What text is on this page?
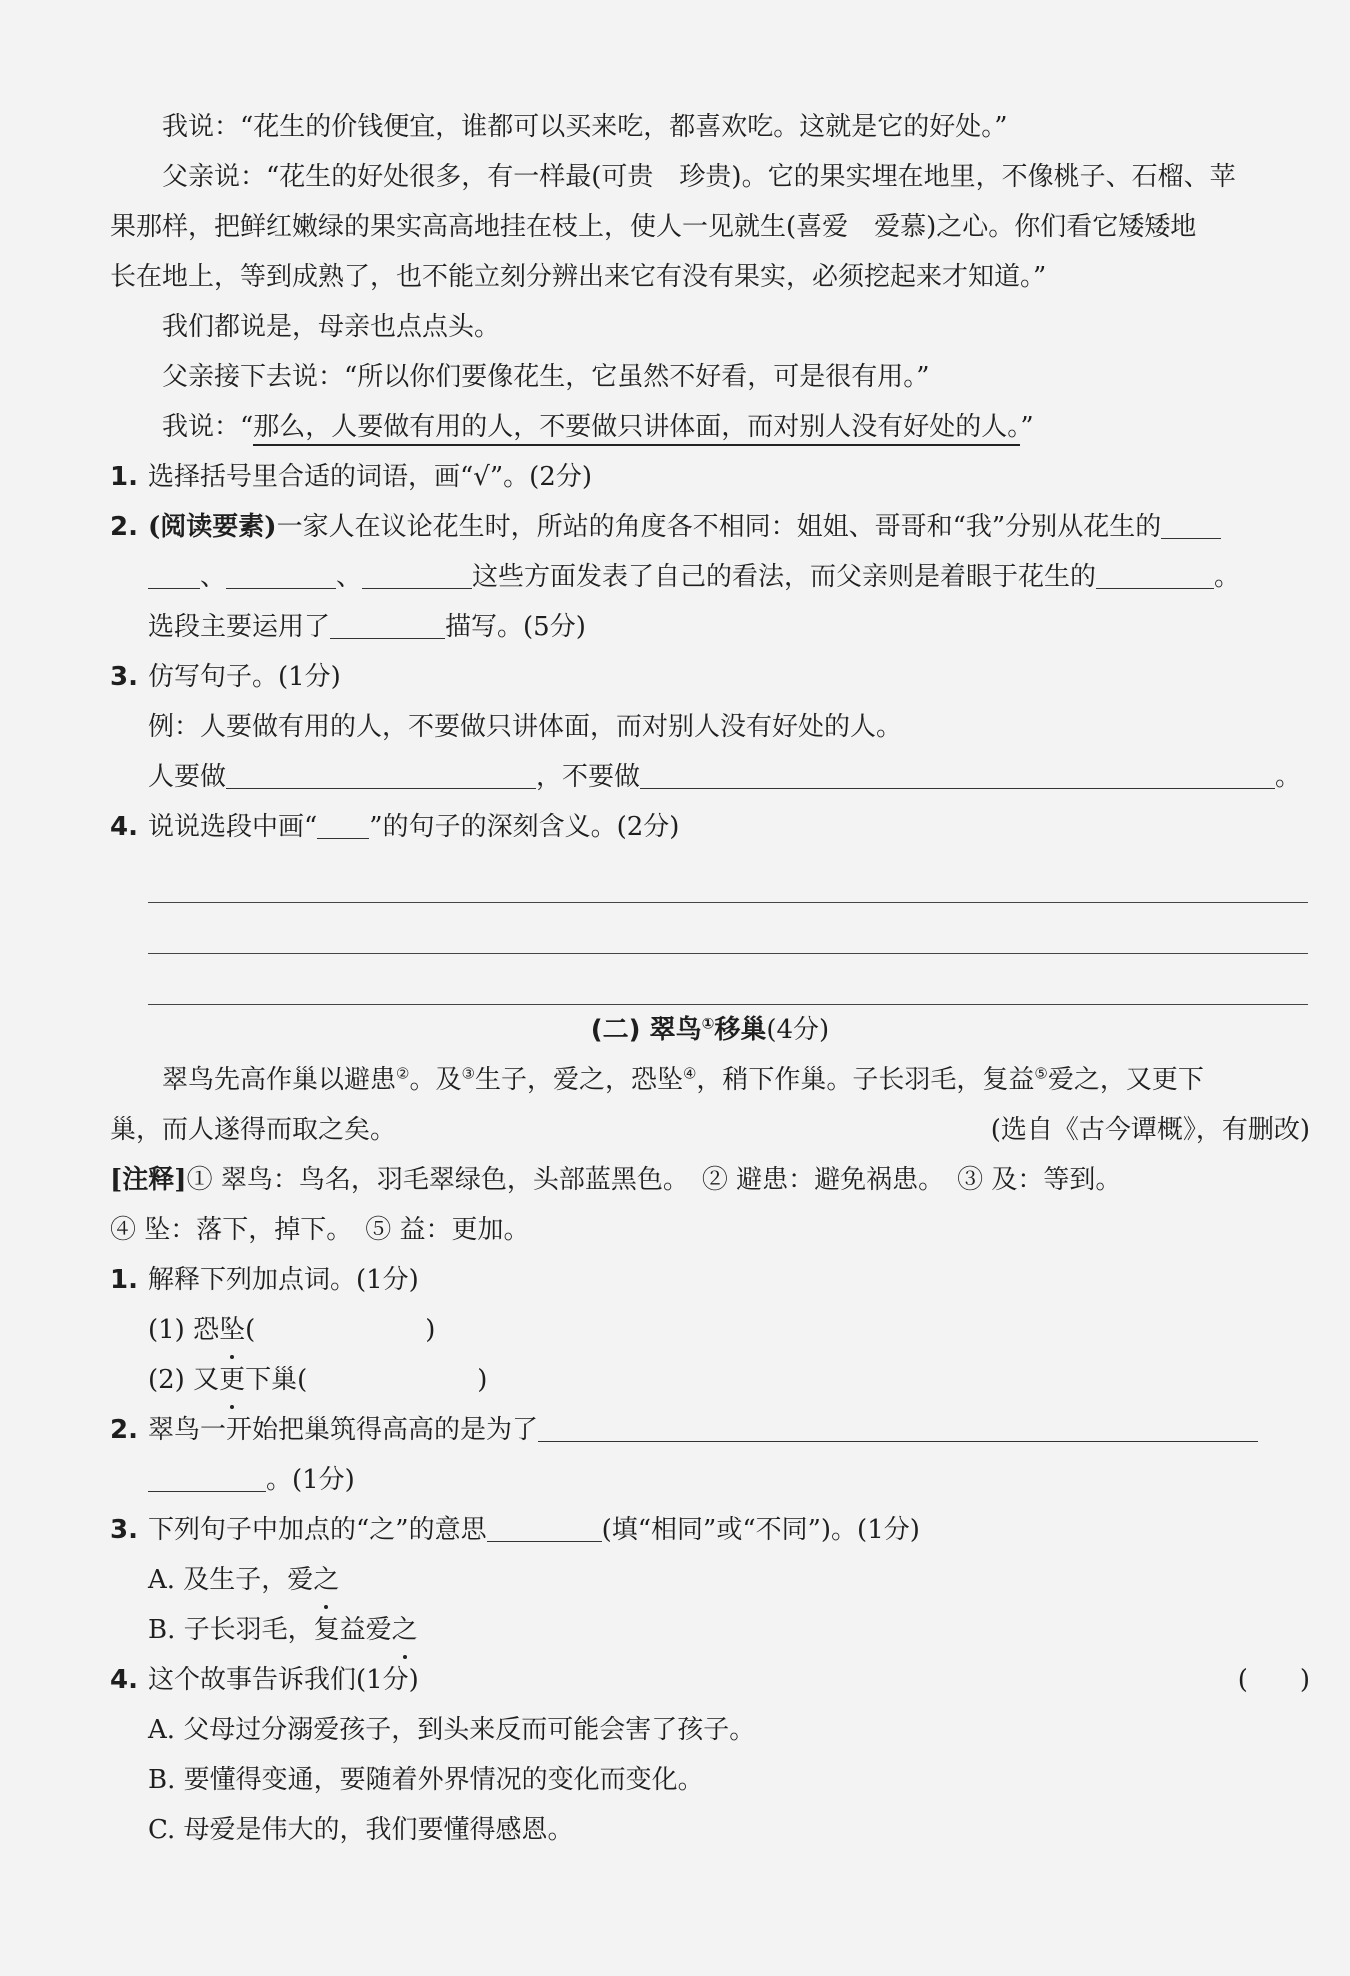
我说：“花生的价钱便宜，谁都可以买来吃，都喜欢吃。这就是它的好处。”
父亲说：“花生的好处很多，有一样最(可贵　珍贵)。它的果实埋在地里，不像桃子、石榴、苹
果那样，把鲜红嫩绿的果实高高地挂在枝上，使人一见就生(喜爱　爱慕)之心。你们看它矮矮地
长在地上，等到成熟了，也不能立刻分辨出来它有没有果实，必须挖起来才知道。”
我们都说是，母亲也点点头。
父亲接下去说：“所以你们要像花生，它虽然不好看，可是很有用。”
我说：“那么，人要做有用的人，不要做只讲体面，而对别人没有好处的人。”
1. 选择括号里合适的词语，画“√”。(2分)
2. (阅读要素)一家人在议论花生时，所站的角度各不相同：姐姐、哥哥和“我”分别从花生的
、	、	这些方面发表了自己的看法，而父亲则是着眼于花生的	。
选段主要运用了	描写。(5分)
3. 仿写句子。(1分)
例：人要做有用的人，不要做只讲体面，而对别人没有好处的人。
人要做	，不要做	。
4. 说说选段中画“ ”的句子的深刻含义。(2分)
(二) 翠鸟①移巢(4分)
翠鸟先高作巢以避患②。及③生子，爱之，恐坠④，稍下作巢。子长羽毛，复益⑤爱之，又更下
巢，而人遂得而取之矣。	(选自《古今谭概》，有删改)
[注释]① 翠鸟：鸟名，羽毛翠绿色，头部蓝黑色。　② 避患：避免祸患。　③ 及：等到。
④ 坠：落下，掉下。　⑤ 益：更加。
1. 解释下列加点词。(1分)
(1) 恐坠(	)
(2) 又更下巢(	)
2. 翠鸟一开始把巢筑得高高的是为了
。(1分)
3. 下列句子中加点的“之”的意思	(填“相同”或“不同”)。(1分)
A. 及生子，爱之
B. 子长羽毛，复益爱之
4. 这个故事告诉我们(1分)	(　　)
A. 父母过分溺爱孩子，到头来反而可能会害了孩子。
B. 要懂得变通，要随着外界情况的变化而变化。
C. 母爱是伟大的，我们要懂得感恩。
